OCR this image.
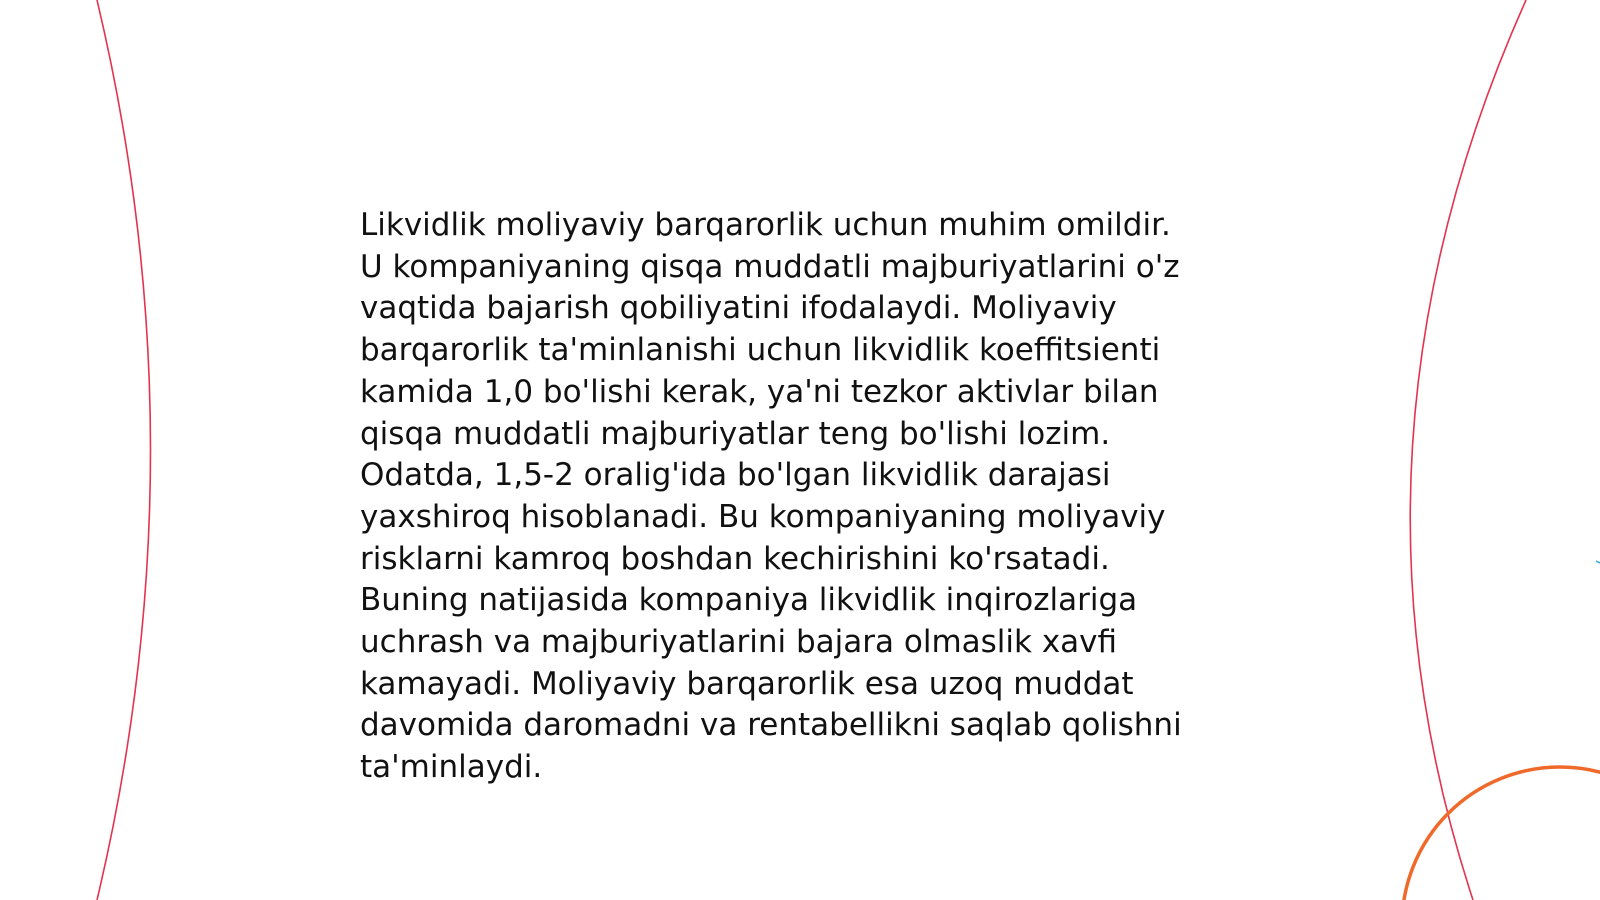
Likvidlik moliyaviy barqarorlik uchun muhim omildir.
U kompaniyaning qisqa muddatli majburiyatlarini o'z
vaqtida bajarish qobiliyatini ifodalaydi. Moliyaviy
barqarorlik ta'minlanishi uchun likvidlik koeffitsienti
kamida 1,0 bo'lishi kerak, ya'ni tezkor aktivlar bilan
qisqa muddatli majburiyatlar teng bo'lishi lozim.
Odatda, 1,5-2 oralig'ida bo'lgan likvidlik darajasi
yaxshiroq hisoblanadi. Bu kompaniyaning moliyaviy
risklarni kamroq boshdan kechirishini ko'rsatadi.
Buning natijasida kompaniya likvidlik inqirozlariga
uchrash va majburiyatlarini bajara olmaslik xavfi
kamayadi. Moliyaviy barqarorlik esa uzoq muddat
davomida daromadni va rentabellikni saqlab qolishni
ta'minlaydi.
